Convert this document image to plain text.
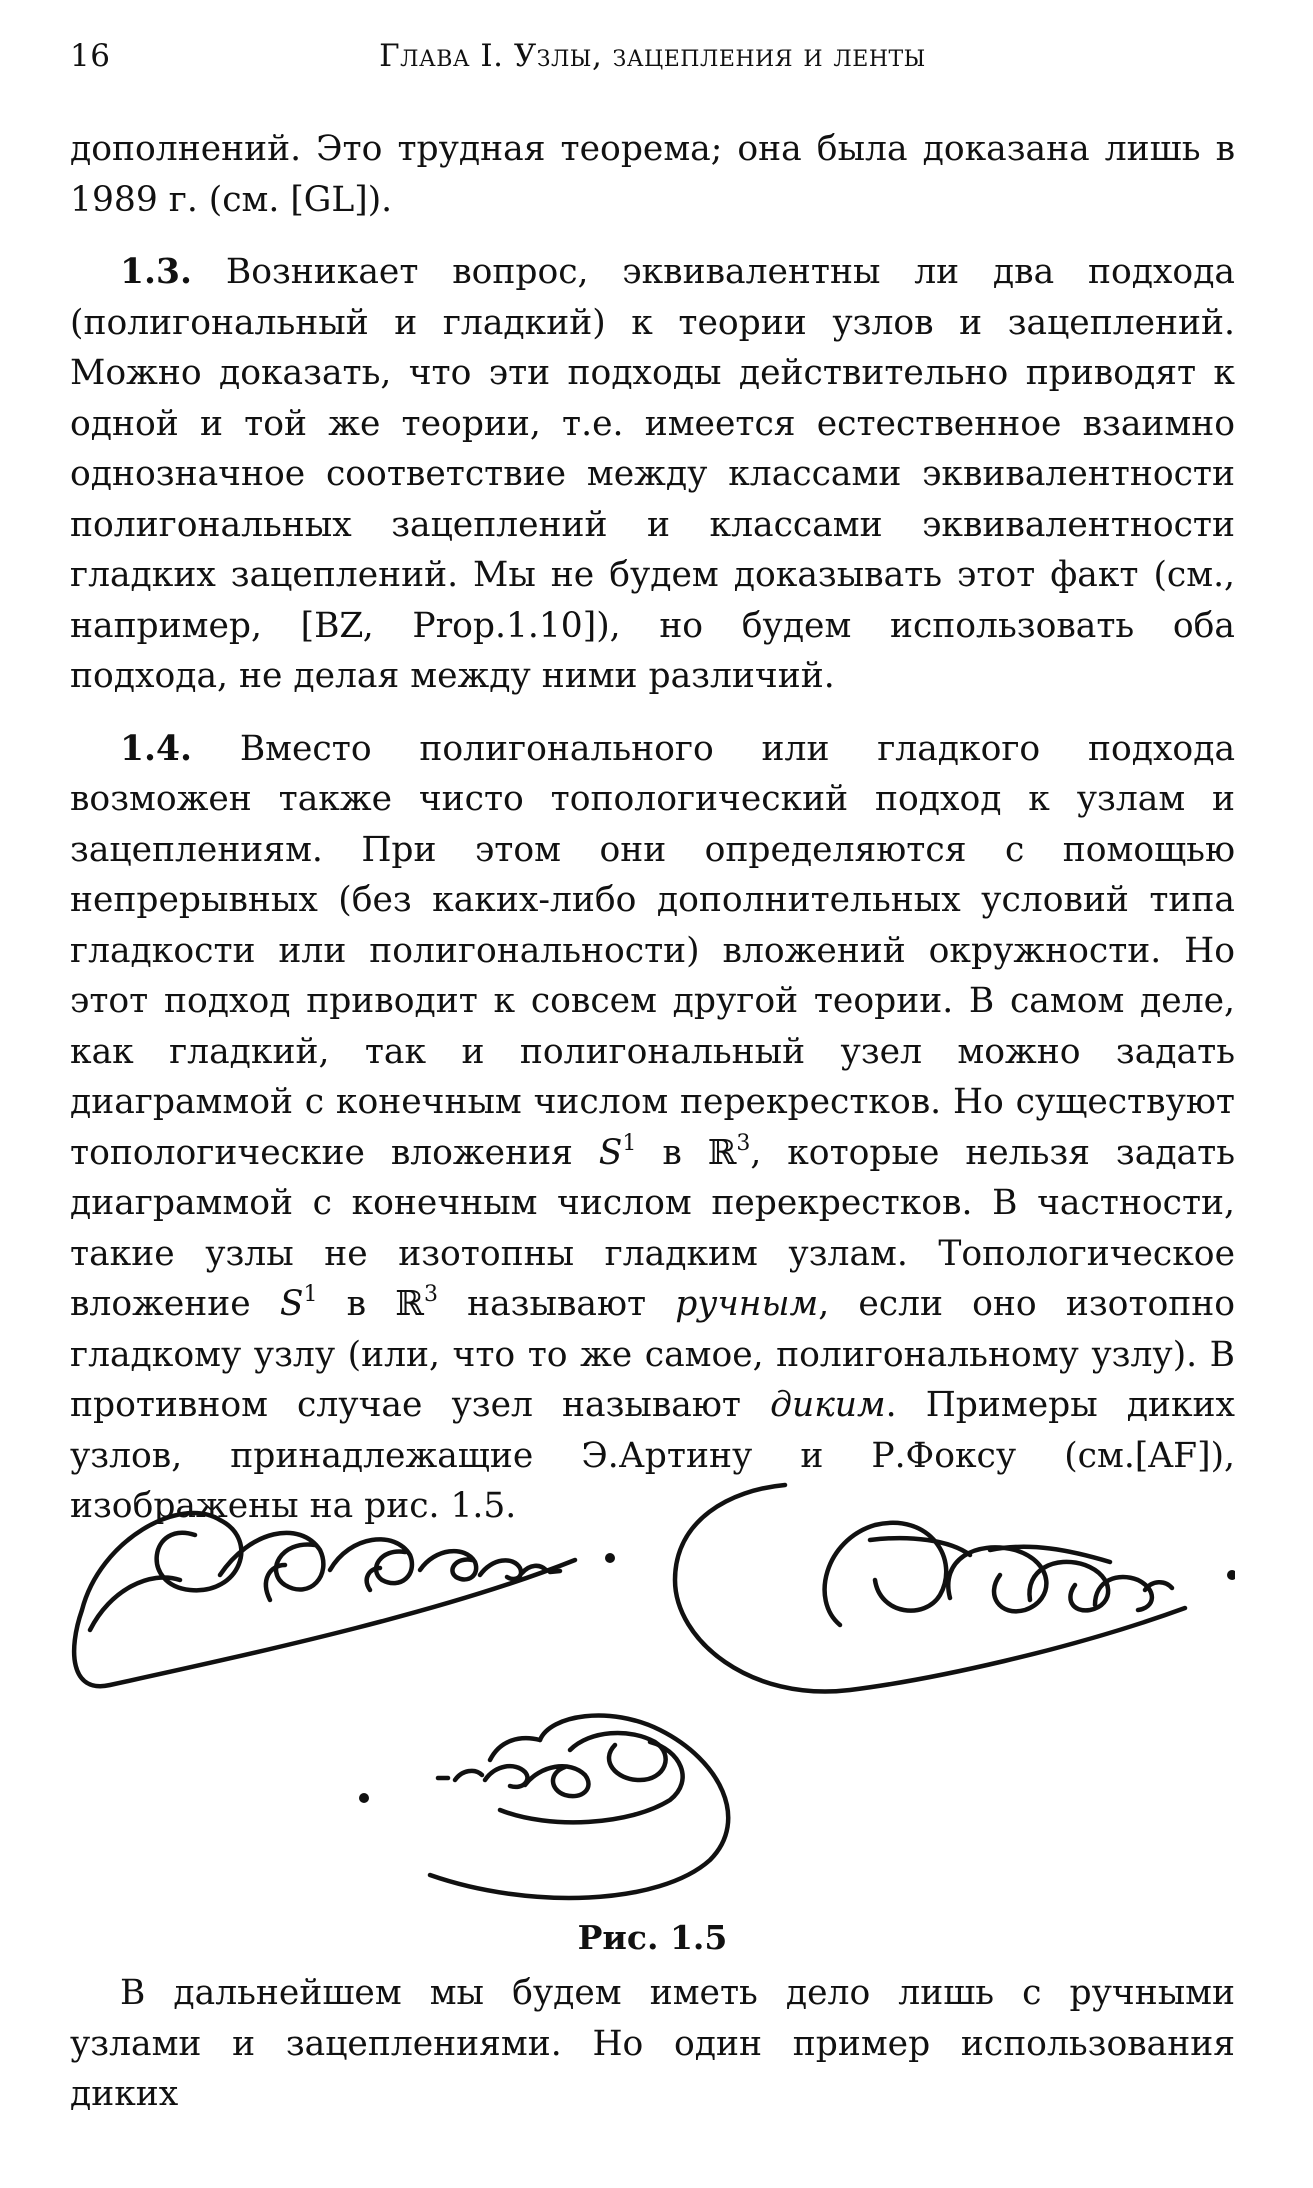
16	Глава I. Узлы, зацепления и ленты

дополнений. Это трудная теорема; она была доказана лишь в 1989 г. (см. [GL]).

1.3. Возникает вопрос, эквивалентны ли два подхода (полигональный и гладкий) к теории узлов и зацеплений. Можно доказать, что эти подходы действительно приводят к одной и той же теории, т.е. имеется естественное взаимно однозначное соответствие между классами эквивалентности полигональных зацеплений и классами эквивалентности гладких зацеплений. Мы не будем доказывать этот факт (см., например, [BZ, Prop.1.10]), но будем использовать оба подхода, не делая между ними различий.

1.4. Вместо полигонального или гладкого подхода возможен также чисто топологический подход к узлам и зацеплениям. При этом они определяются с помощью непрерывных (без каких-либо дополнительных условий типа гладкости или полигональности) вложений окружности. Но этот подход приводит к совсем другой теории. В самом деле, как гладкий, так и полигональный узел можно задать диаграммой с конечным числом перекрестков. Но существуют топологические вложения $S^1$ в ℝ$^3$, которые нельзя задать диаграммой с конечным числом перекрестков. В частности, такие узлы не изотопны гладким узлам. Топологическое вложение $S^1$ в ℝ$^3$ называют ручным, если оно изотопно гладкому узлу (или, что то же самое, полигональному узлу). В противном случае узел называют диким. Примеры диких узлов, принадлежащие Э.Артину и Р.Фоксу (см.[AF]), изображены на рис. 1.5.

Рис. 1.5

В дальнейшем мы будем иметь дело лишь с ручными узлами и зацеплениями. Но один пример использования диких
